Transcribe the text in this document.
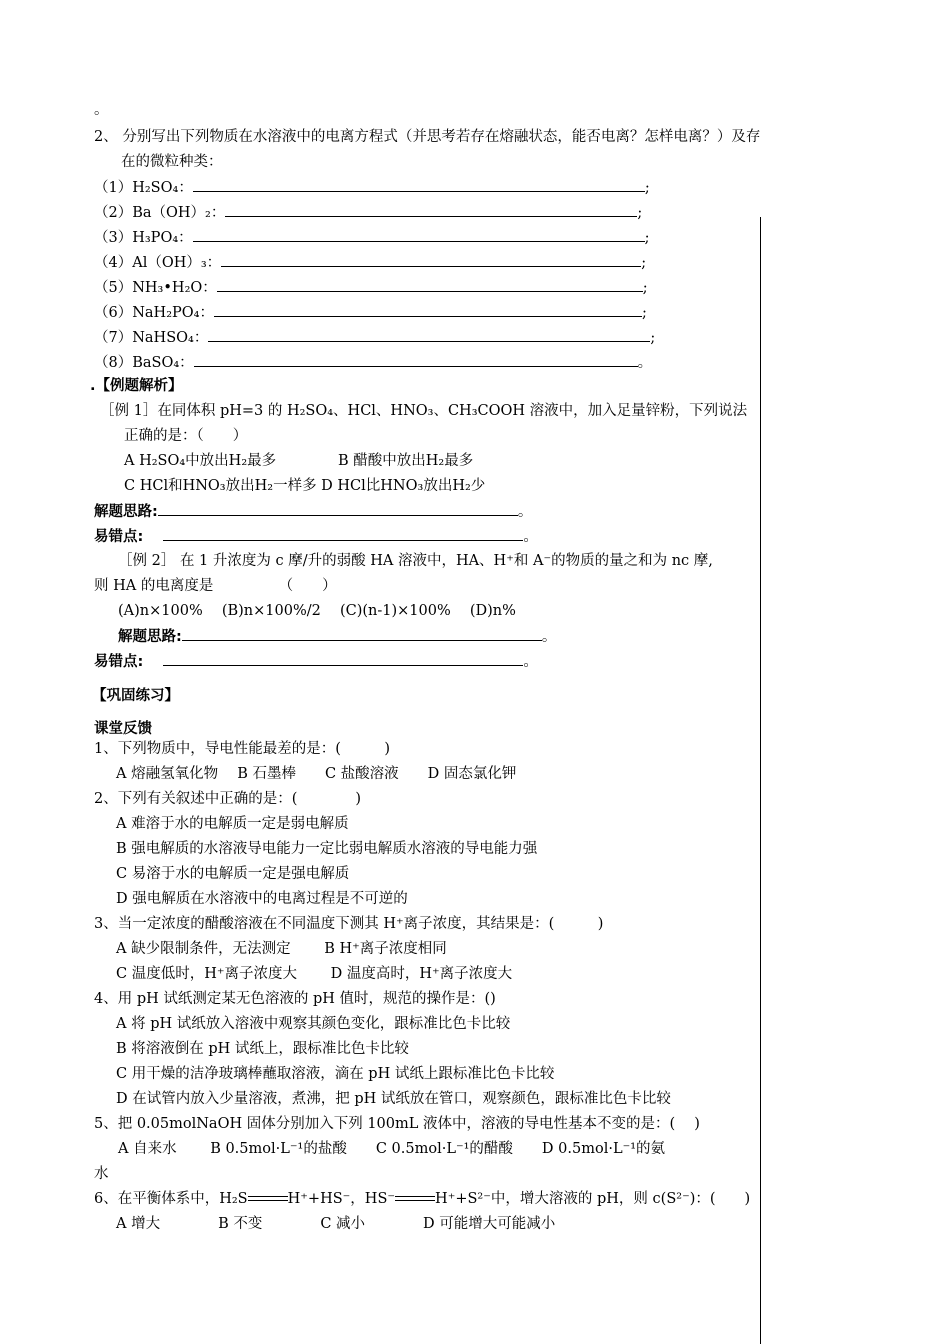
。
2、 分别写出下列物质在水溶液中的电离方程式（并思考若存在熔融状态，能否电离？怎样电离？）及存
在的微粒种类：
（1）H₂SO₄：	;
（2）Ba（OH）₂：	;
（3）H₃PO₄：	;
（4）Al（OH）₃：	;
（5）NH₃•H₂O：	;
（6）NaH₂PO₄：	;
（7）NaHSO₄：	;
（8）BaSO₄：	。
.【例题解析】
［例 1］在同体积 pH=3 的 H₂SO₄、HCl、HNO₃、CH₃COOH 溶液中，加入足量锌粉，下列说法
正确的是：（　　）
A H₂SO₄中放出H₂最多	B 醋酸中放出H₂最多
C HCl和HNO₃放出H₂一样多 D HCl比HNO₃放出H₂少
解题思路:	。
易错点:	。
［例 2］ 在 1 升浓度为 c 摩/升的弱酸 HA 溶液中，HA、H⁺和 A⁻的物质的量之和为 nc 摩,
则 HA 的电离度是　　　　　（　　）
(A)n×100%　 (B)n×100%/2　 (C)(n-1)×100%　 (D)n%
解题思路:	。
易错点:	。
【巩固练习】
课堂反馈
1、下列物质中，导电性能最差的是：(　　　)
A 熔融氢氧化物　 B 石墨棒　　C 盐酸溶液　　D 固态氯化钾
2、下列有关叙述中正确的是：(　　　　)
A 难溶于水的电解质一定是弱电解质
B 强电解质的水溶液导电能力一定比弱电解质水溶液的导电能力强
C 易溶于水的电解质一定是强电解质
D 强电解质在水溶液中的电离过程是不可逆的
3、当一定浓度的醋酸溶液在不同温度下测其 H⁺离子浓度，其结果是：(　　　)
A 缺少限制条件，无法测定　　 B H⁺离子浓度相同
C 温度低时，H⁺离子浓度大　　 D 温度高时，H⁺离子浓度大
4、用 pH 试纸测定某无色溶液的 pH 值时，规范的操作是：()
A 将 pH 试纸放入溶液中观察其颜色变化，跟标准比色卡比较
B 将溶液倒在 pH 试纸上，跟标准比色卡比较
C 用干燥的洁净玻璃棒蘸取溶液，滴在 pH 试纸上跟标准比色卡比较
D 在试管内放入少量溶液，煮沸，把 pH 试纸放在管口，观察颜色，跟标准比色卡比较
5、把 0.05molNaOH 固体分别加入下列 100mL 液体中，溶液的导电性基本不变的是：(　 )
A 自来水　　 B 0.5mol·L⁻¹的盐酸　　C 0.5mol·L⁻¹的醋酸　　D 0.5mol·L⁻¹的氨
水
6、在平衡体系中，H₂S	H⁺+HS⁻，HS⁻	H⁺+S²⁻中，增大溶液的 pH，则 c(S²⁻)：(　　)
A 增大　　　　B 不变　　　　C 减小　　　　D 可能增大可能减小
